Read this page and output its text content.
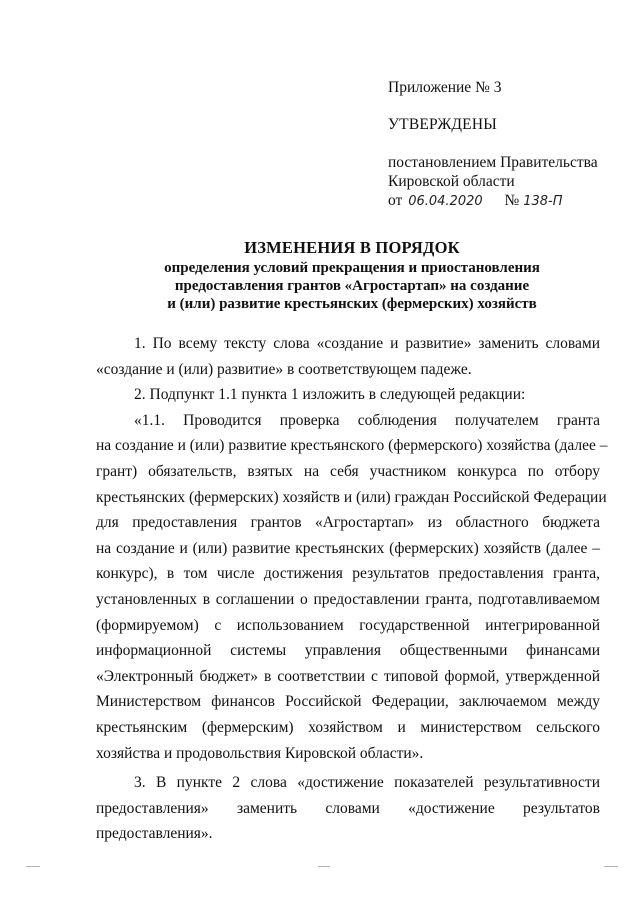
Приложение № 3

УТВЕРЖДЕНЫ

постановлением Правительства

Кировской области

от 06.04.2020 № 138-П

ИЗМЕНЕНИЯ В ПОРЯДОК

определения условий прекращения и приостановления

предоставления грантов «Агростартап» на создание

и (или) развитие крестьянских (фермерских) хозяйств

1. По всему тексту слова «создание и развитие» заменить словами
«создание и (или) развитие» в соответствующем падеже.
2. Подпункт 1.1 пункта 1 изложить в следующей редакции:
«1.1. Проводится проверка соблюдения получателем гранта
на создание и (или) развитие крестьянского (фермерского) хозяйства (далее –
грант) обязательств, взятых на себя участником конкурса по отбору
крестьянских (фермерских) хозяйств и (или) граждан Российской Федерации
для предоставления грантов «Агростартап» из областного бюджета
на создание и (или) развитие крестьянских (фермерских) хозяйств (далее –
конкурс), в том числе достижения результатов предоставления гранта,
установленных в соглашении о предоставлении гранта, подготавливаемом
(формируемом) с использованием государственной интегрированной
информационной системы управления общественными финансами
«Электронный бюджет» в соответствии с типовой формой, утвержденной
Министерством финансов Российской Федерации, заключаемом между
крестьянским (фермерским) хозяйством и министерством сельского
хозяйства и продовольствия Кировской области».
3. В пункте 2 слова «достижение показателей результативности
предоставления» заменить словами «достижение результатов
предоставления».
